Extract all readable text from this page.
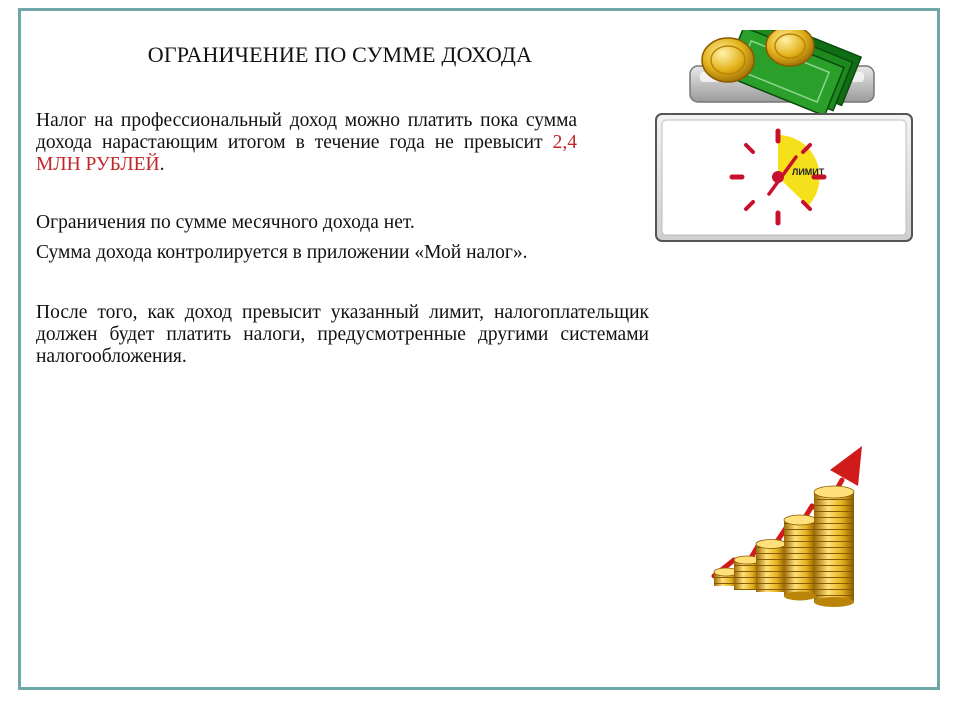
ОГРАНИЧЕНИЕ ПО СУММЕ ДОХОДА

Налог на профессиональный доход можно платить пока сумма дохода нарастающим итогом в течение года не превысит 2,4 МЛН РУБЛЕЙ.

Ограничения по сумме месячного дохода нет.

Сумма дохода контролируется в приложении «Мой налог».

После того, как доход превысит указанный лимит, налогоплательщик должен будет платить налоги, предусмотренные другими системами налогообложения.

ЛИМИТ
